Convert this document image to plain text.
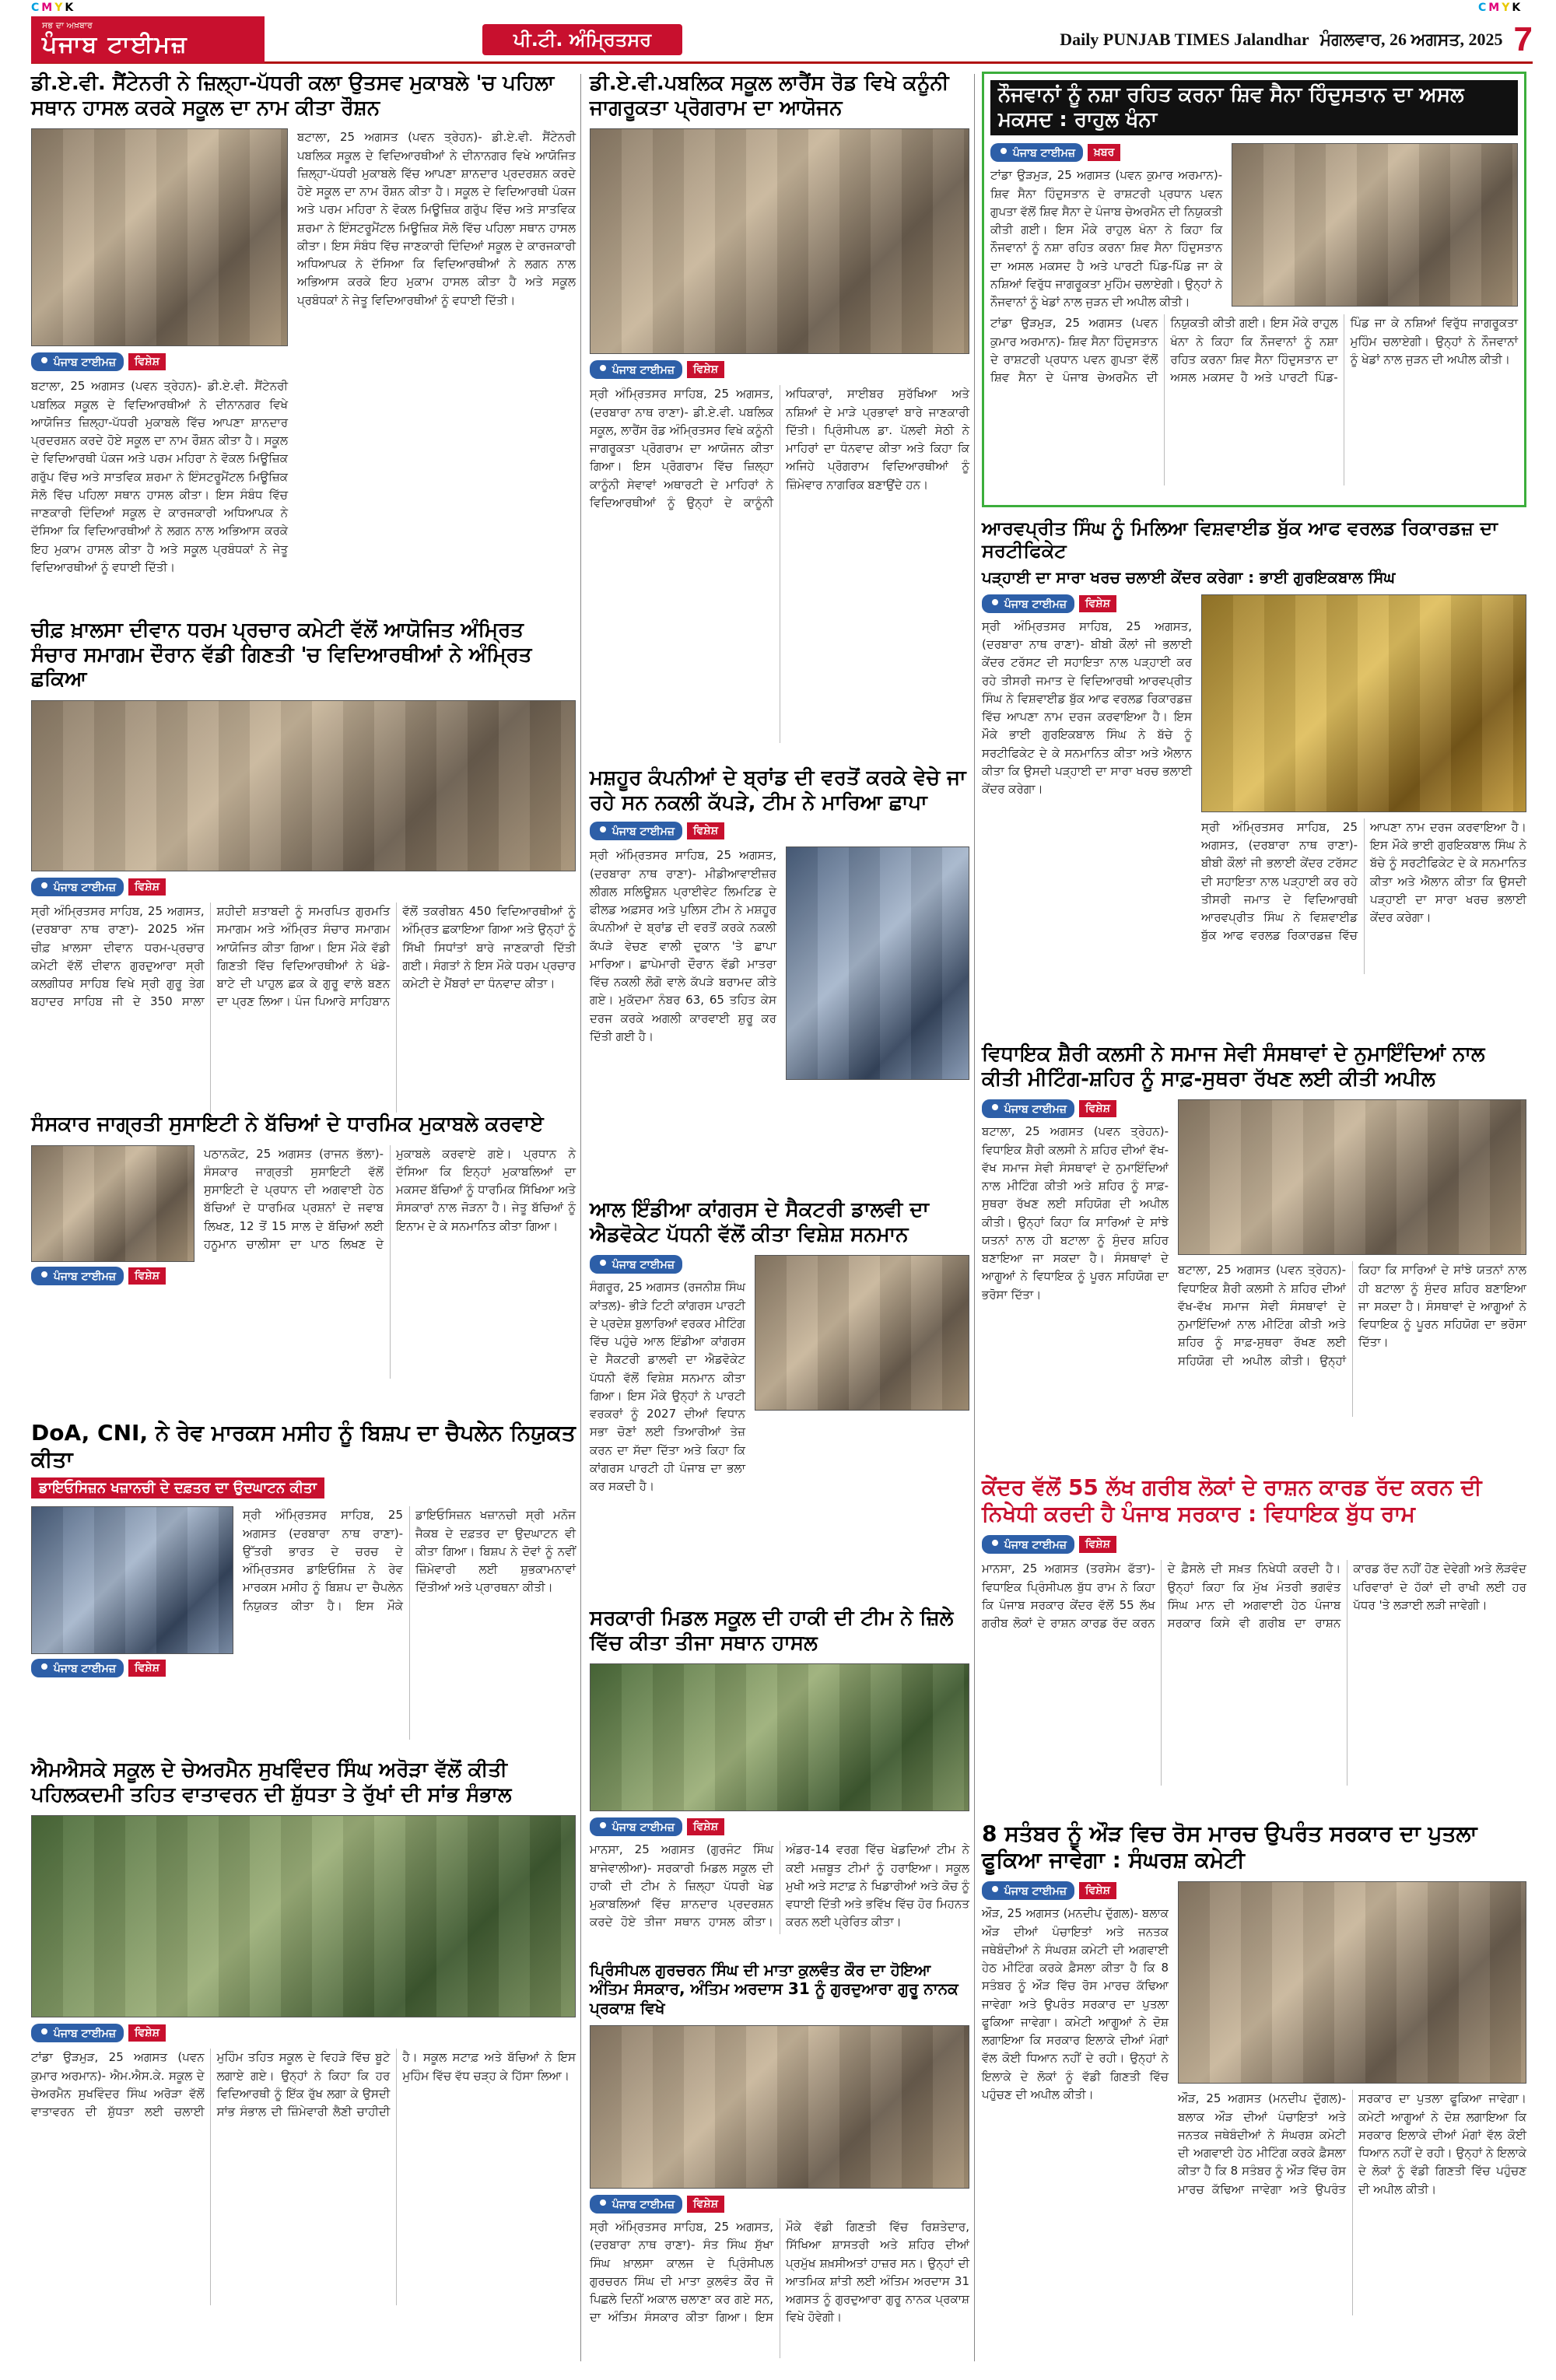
C M Y K	C M Y K
ਸਭ ਦਾ ਅਖ਼ਬਾਰ
ਪੰਜਾਬ ਟਾਈਮਜ਼	ਪੀ.ਟੀ. ਅੰਮ੍ਰਿਤਸਰ	Daily PUNJAB TIMES Jalandhar ਮੰਗਲਵਾਰ, 26 ਅਗਸਤ, 2025 7
ਡੀ.ਏ.ਵੀ. ਸੈਂਟੇਨਰੀ ਨੇ ਜ਼ਿਲ੍ਹਾ-ਪੱਧਰੀ ਕਲਾ ਉਤਸਵ ਮੁਕਾਬਲੇ 'ਚ ਪਹਿਲਾ ਸਥਾਨ ਹਾਸਲ ਕਰਕੇ ਸਕੂਲ ਦਾ ਨਾਮ ਕੀਤਾ ਰੌਸ਼ਨ
ਪੰਜਾਬ ਟਾਈਮਜ਼	ਵਿਸ਼ੇਸ਼
ਬਟਾਲਾ, 25 ਅਗਸਤ (ਪਵਨ ਤ੍ਰੇਹਨ)- ਡੀ.ਏ.ਵੀ. ਸੈਂਟੇਨਰੀ ਪਬਲਿਕ ਸਕੂਲ ਦੇ ਵਿਦਿਆਰਥੀਆਂ ਨੇ ਦੀਨਾਨਗਰ ਵਿਖੇ ਆਯੋਜਿਤ ਜ਼ਿਲ੍ਹਾ-ਪੱਧਰੀ ਮੁਕਾਬਲੇ ਵਿੱਚ ਆਪਣਾ ਸ਼ਾਨਦਾਰ ਪ੍ਰਦਰਸ਼ਨ ਕਰਦੇ ਹੋਏ ਸਕੂਲ ਦਾ ਨਾਮ ਰੌਸ਼ਨ ਕੀਤਾ ਹੈ। ਸਕੂਲ ਦੇ ਵਿਦਿਆਰਥੀ ਪੰਕਜ ਅਤੇ ਪਰਮ ਮਹਿਰਾ ਨੇ ਵੋਕਲ ਮਿਊਜ਼ਿਕ ਗਰੁੱਪ ਵਿੱਚ ਅਤੇ ਸਾਤਵਿਕ ਸ਼ਰਮਾ ਨੇ ਇੰਸਟਰੂਮੈਂਟਲ ਮਿਊਜ਼ਿਕ ਸੋਲੋ ਵਿੱਚ ਪਹਿਲਾ ਸਥਾਨ ਹਾਸਲ ਕੀਤਾ। ਇਸ ਸੰਬੰਧ ਵਿੱਚ ਜਾਣਕਾਰੀ ਦਿੰਦਿਆਂ ਸਕੂਲ ਦੇ ਕਾਰਜਕਾਰੀ ਅਧਿਆਪਕ ਨੇ ਦੱਸਿਆ ਕਿ ਵਿਦਿਆਰਥੀਆਂ ਨੇ ਲਗਨ ਨਾਲ ਅਭਿਆਸ ਕਰਕੇ ਇਹ ਮੁਕਾਮ ਹਾਸਲ ਕੀਤਾ ਹੈ ਅਤੇ ਸਕੂਲ ਪ੍ਰਬੰਧਕਾਂ ਨੇ ਜੇਤੂ ਵਿਦਿਆਰਥੀਆਂ ਨੂੰ ਵਧਾਈ ਦਿੱਤੀ।
ਬਟਾਲਾ, 25 ਅਗਸਤ (ਪਵਨ ਤ੍ਰੇਹਨ)- ਡੀ.ਏ.ਵੀ. ਸੈਂਟੇਨਰੀ ਪਬਲਿਕ ਸਕੂਲ ਦੇ ਵਿਦਿਆਰਥੀਆਂ ਨੇ ਦੀਨਾਨਗਰ ਵਿਖੇ ਆਯੋਜਿਤ ਜ਼ਿਲ੍ਹਾ-ਪੱਧਰੀ ਮੁਕਾਬਲੇ ਵਿੱਚ ਆਪਣਾ ਸ਼ਾਨਦਾਰ ਪ੍ਰਦਰਸ਼ਨ ਕਰਦੇ ਹੋਏ ਸਕੂਲ ਦਾ ਨਾਮ ਰੌਸ਼ਨ ਕੀਤਾ ਹੈ। ਸਕੂਲ ਦੇ ਵਿਦਿਆਰਥੀ ਪੰਕਜ ਅਤੇ ਪਰਮ ਮਹਿਰਾ ਨੇ ਵੋਕਲ ਮਿਊਜ਼ਿਕ ਗਰੁੱਪ ਵਿੱਚ ਅਤੇ ਸਾਤਵਿਕ ਸ਼ਰਮਾ ਨੇ ਇੰਸਟਰੂਮੈਂਟਲ ਮਿਊਜ਼ਿਕ ਸੋਲੋ ਵਿੱਚ ਪਹਿਲਾ ਸਥਾਨ ਹਾਸਲ ਕੀਤਾ। ਇਸ ਸੰਬੰਧ ਵਿੱਚ ਜਾਣਕਾਰੀ ਦਿੰਦਿਆਂ ਸਕੂਲ ਦੇ ਕਾਰਜਕਾਰੀ ਅਧਿਆਪਕ ਨੇ ਦੱਸਿਆ ਕਿ ਵਿਦਿਆਰਥੀਆਂ ਨੇ ਲਗਨ ਨਾਲ ਅਭਿਆਸ ਕਰਕੇ ਇਹ ਮੁਕਾਮ ਹਾਸਲ ਕੀਤਾ ਹੈ ਅਤੇ ਸਕੂਲ ਪ੍ਰਬੰਧਕਾਂ ਨੇ ਜੇਤੂ ਵਿਦਿਆਰਥੀਆਂ ਨੂੰ ਵਧਾਈ ਦਿੱਤੀ।
ਚੀਫ਼ ਖ਼ਾਲਸਾ ਦੀਵਾਨ ਧਰਮ ਪ੍ਰਚਾਰ ਕਮੇਟੀ ਵੱਲੋਂ ਆਯੋਜਿਤ ਅੰਮ੍ਰਿਤ ਸੰਚਾਰ ਸਮਾਗਮ ਦੌਰਾਨ ਵੱਡੀ ਗਿਣਤੀ 'ਚ ਵਿਦਿਆਰਥੀਆਂ ਨੇ ਅੰਮ੍ਰਿਤ ਛਕਿਆ
ਪੰਜਾਬ ਟਾਈਮਜ਼	ਵਿਸ਼ੇਸ਼
ਸ੍ਰੀ ਅੰਮ੍ਰਿਤਸਰ ਸਾਹਿਬ, 25 ਅਗਸਤ, (ਦਰਬਾਰਾ ਨਾਥ ਰਾਣਾ)- 2025 ਅੱਜ ਚੀਫ਼ ਖ਼ਾਲਸਾ ਦੀਵਾਨ ਧਰਮ-ਪ੍ਰਚਾਰ ਕਮੇਟੀ ਵੱਲੋਂ ਦੀਵਾਨ ਗੁਰਦੁਆਰਾ ਸ੍ਰੀ ਕਲਗੀਧਰ ਸਾਹਿਬ ਵਿਖੇ ਸ੍ਰੀ ਗੁਰੂ ਤੇਗ ਬਹਾਦਰ ਸਾਹਿਬ ਜੀ ਦੇ 350 ਸਾਲਾ ਸ਼ਹੀਦੀ ਸ਼ਤਾਬਦੀ ਨੂੰ ਸਮਰਪਿਤ ਗੁਰਮਤਿ ਸਮਾਗਮ ਅਤੇ ਅੰਮ੍ਰਿਤ ਸੰਚਾਰ ਸਮਾਗਮ ਆਯੋਜਿਤ ਕੀਤਾ ਗਿਆ। ਇਸ ਮੌਕੇ ਵੱਡੀ ਗਿਣਤੀ ਵਿੱਚ ਵਿਦਿਆਰਥੀਆਂ ਨੇ ਖੰਡੇ-ਬਾਟੇ ਦੀ ਪਾਹੁਲ ਛਕ ਕੇ ਗੁਰੂ ਵਾਲੇ ਬਣਨ ਦਾ ਪ੍ਰਣ ਲਿਆ। ਪੰਜ ਪਿਆਰੇ ਸਾਹਿਬਾਨ ਵੱਲੋਂ ਤਕਰੀਬਨ 450 ਵਿਦਿਆਰਥੀਆਂ ਨੂੰ ਅੰਮ੍ਰਿਤ ਛਕਾਇਆ ਗਿਆ ਅਤੇ ਉਨ੍ਹਾਂ ਨੂੰ ਸਿੱਖੀ ਸਿਧਾਂਤਾਂ ਬਾਰੇ ਜਾਣਕਾਰੀ ਦਿੱਤੀ ਗਈ। ਸੰਗਤਾਂ ਨੇ ਇਸ ਮੌਕੇ ਧਰਮ ਪ੍ਰਚਾਰ ਕਮੇਟੀ ਦੇ ਮੈਂਬਰਾਂ ਦਾ ਧੰਨਵਾਦ ਕੀਤਾ।
ਸੰਸਕਾਰ ਜਾਗ੍ਰਤੀ ਸੁਸਾਇਟੀ ਨੇ ਬੱਚਿਆਂ ਦੇ ਧਾਰਮਿਕ ਮੁਕਾਬਲੇ ਕਰਵਾਏ
ਪੰਜਾਬ ਟਾਈਮਜ਼	ਵਿਸ਼ੇਸ਼
ਪਠਾਨਕੋਟ, 25 ਅਗਸਤ (ਰਾਜਨ ਭੱਲਾ)- ਸੰਸਕਾਰ ਜਾਗ੍ਰਤੀ ਸੁਸਾਇਟੀ ਵੱਲੋਂ ਸੁਸਾਇਟੀ ਦੇ ਪ੍ਰਧਾਨ ਦੀ ਅਗਵਾਈ ਹੇਠ ਬੱਚਿਆਂ ਦੇ ਧਾਰਮਿਕ ਪ੍ਰਸ਼ਨਾਂ ਦੇ ਜਵਾਬ ਲਿਖਣ, 12 ਤੋਂ 15 ਸਾਲ ਦੇ ਬੱਚਿਆਂ ਲਈ ਹਨੂਮਾਨ ਚਾਲੀਸਾ ਦਾ ਪਾਠ ਲਿਖਣ ਦੇ ਮੁਕਾਬਲੇ ਕਰਵਾਏ ਗਏ। ਪ੍ਰਧਾਨ ਨੇ ਦੱਸਿਆ ਕਿ ਇਨ੍ਹਾਂ ਮੁਕਾਬਲਿਆਂ ਦਾ ਮਕਸਦ ਬੱਚਿਆਂ ਨੂੰ ਧਾਰਮਿਕ ਸਿੱਖਿਆ ਅਤੇ ਸੰਸਕਾਰਾਂ ਨਾਲ ਜੋੜਨਾ ਹੈ। ਜੇਤੂ ਬੱਚਿਆਂ ਨੂੰ ਇਨਾਮ ਦੇ ਕੇ ਸਨਮਾਨਿਤ ਕੀਤਾ ਗਿਆ।
DoA, CNI, ਨੇ ਰੇਵ ਮਾਰਕਸ ਮਸੀਹ ਨੂੰ ਬਿਸ਼ਪ ਦਾ ਚੈਪਲੇਨ ਨਿਯੁਕਤ ਕੀਤਾ
ਡਾਇਓਸਿਜ਼ਨ ਖਜ਼ਾਨਚੀ ਦੇ ਦਫ਼ਤਰ ਦਾ ਉਦਘਾਟਨ ਕੀਤਾ
ਪੰਜਾਬ ਟਾਈਮਜ਼	ਵਿਸ਼ੇਸ਼
ਸ੍ਰੀ ਅੰਮ੍ਰਿਤਸਰ ਸਾਹਿਬ, 25 ਅਗਸਤ (ਦਰਬਾਰਾ ਨਾਥ ਰਾਣਾ)- ਉੱਤਰੀ ਭਾਰਤ ਦੇ ਚਰਚ ਦੇ ਅੰਮ੍ਰਿਤਸਰ ਡਾਇਓਸਿਜ਼ ਨੇ ਰੇਵ ਮਾਰਕਸ ਮਸੀਹ ਨੂੰ ਬਿਸ਼ਪ ਦਾ ਚੈਪਲੇਨ ਨਿਯੁਕਤ ਕੀਤਾ ਹੈ। ਇਸ ਮੌਕੇ ਡਾਇਓਸਿਜ਼ਨ ਖਜ਼ਾਨਚੀ ਸ੍ਰੀ ਮਨੋਜ ਜੈਕਬ ਦੇ ਦਫ਼ਤਰ ਦਾ ਉਦਘਾਟਨ ਵੀ ਕੀਤਾ ਗਿਆ। ਬਿਸ਼ਪ ਨੇ ਦੋਵਾਂ ਨੂੰ ਨਵੀਂ ਜ਼ਿੰਮੇਵਾਰੀ ਲਈ ਸ਼ੁਭਕਾਮਨਾਵਾਂ ਦਿੱਤੀਆਂ ਅਤੇ ਪ੍ਰਾਰਥਨਾ ਕੀਤੀ।
ਐਮਐਸਕੇ ਸਕੂਲ ਦੇ ਚੇਅਰਮੈਨ ਸੁਖਵਿੰਦਰ ਸਿੰਘ ਅਰੋੜਾ ਵੱਲੋਂ ਕੀਤੀ ਪਹਿਲਕਦਮੀ ਤਹਿਤ ਵਾਤਾਵਰਨ ਦੀ ਸ਼ੁੱਧਤਾ ਤੇ ਰੁੱਖਾਂ ਦੀ ਸਾਂਭ ਸੰਭਾਲ
ਪੰਜਾਬ ਟਾਈਮਜ਼	ਵਿਸ਼ੇਸ਼
ਟਾਂਡਾ ਉੜਮੁੜ, 25 ਅਗਸਤ (ਪਵਨ ਕੁਮਾਰ ਅਰਮਾਨ)- ਐਮ.ਐਸ.ਕੇ. ਸਕੂਲ ਦੇ ਚੇਅਰਮੈਨ ਸੁਖਵਿੰਦਰ ਸਿੰਘ ਅਰੋੜਾ ਵੱਲੋਂ ਵਾਤਾਵਰਨ ਦੀ ਸ਼ੁੱਧਤਾ ਲਈ ਚਲਾਈ ਮੁਹਿੰਮ ਤਹਿਤ ਸਕੂਲ ਦੇ ਵਿਹੜੇ ਵਿੱਚ ਬੂਟੇ ਲਗਾਏ ਗਏ। ਉਨ੍ਹਾਂ ਨੇ ਕਿਹਾ ਕਿ ਹਰ ਵਿਦਿਆਰਥੀ ਨੂੰ ਇੱਕ ਰੁੱਖ ਲਗਾ ਕੇ ਉਸਦੀ ਸਾਂਭ ਸੰਭਾਲ ਦੀ ਜ਼ਿੰਮੇਵਾਰੀ ਲੈਣੀ ਚਾਹੀਦੀ ਹੈ। ਸਕੂਲ ਸਟਾਫ਼ ਅਤੇ ਬੱਚਿਆਂ ਨੇ ਇਸ ਮੁਹਿੰਮ ਵਿੱਚ ਵੱਧ ਚੜ੍ਹ ਕੇ ਹਿੱਸਾ ਲਿਆ।
ਡੀ.ਏ.ਵੀ.ਪਬਲਿਕ ਸਕੂਲ ਲਾਰੈਂਸ ਰੋਡ ਵਿਖੇ ਕਨੂੰਨੀ ਜਾਗਰੂਕਤਾ ਪ੍ਰੋਗਰਾਮ ਦਾ ਆਯੋਜਨ
ਪੰਜਾਬ ਟਾਈਮਜ਼	ਵਿਸ਼ੇਸ਼
ਸ੍ਰੀ ਅੰਮ੍ਰਿਤਸਰ ਸਾਹਿਬ, 25 ਅਗਸਤ, (ਦਰਬਾਰਾ ਨਾਥ ਰਾਣਾ)- ਡੀ.ਏ.ਵੀ. ਪਬਲਿਕ ਸਕੂਲ, ਲਾਰੈਂਸ ਰੋਡ ਅੰਮ੍ਰਿਤਸਰ ਵਿਖੇ ਕਨੂੰਨੀ ਜਾਗਰੂਕਤਾ ਪ੍ਰੋਗਰਾਮ ਦਾ ਆਯੋਜਨ ਕੀਤਾ ਗਿਆ। ਇਸ ਪ੍ਰੋਗਰਾਮ ਵਿੱਚ ਜ਼ਿਲ੍ਹਾ ਕਾਨੂੰਨੀ ਸੇਵਾਵਾਂ ਅਥਾਰਟੀ ਦੇ ਮਾਹਿਰਾਂ ਨੇ ਵਿਦਿਆਰਥੀਆਂ ਨੂੰ ਉਨ੍ਹਾਂ ਦੇ ਕਾਨੂੰਨੀ ਅਧਿਕਾਰਾਂ, ਸਾਈਬਰ ਸੁਰੱਖਿਆ ਅਤੇ ਨਸ਼ਿਆਂ ਦੇ ਮਾੜੇ ਪ੍ਰਭਾਵਾਂ ਬਾਰੇ ਜਾਣਕਾਰੀ ਦਿੱਤੀ। ਪ੍ਰਿੰਸੀਪਲ ਡਾ. ਪੱਲਵੀ ਸੇਠੀ ਨੇ ਮਾਹਿਰਾਂ ਦਾ ਧੰਨਵਾਦ ਕੀਤਾ ਅਤੇ ਕਿਹਾ ਕਿ ਅਜਿਹੇ ਪ੍ਰੋਗਰਾਮ ਵਿਦਿਆਰਥੀਆਂ ਨੂੰ ਜ਼ਿੰਮੇਵਾਰ ਨਾਗਰਿਕ ਬਣਾਉਂਦੇ ਹਨ।
ਮਸ਼ਹੂਰ ਕੰਪਨੀਆਂ ਦੇ ਬ੍ਰਾਂਡ ਦੀ ਵਰਤੋਂ ਕਰਕੇ ਵੇਚੇ ਜਾ ਰਹੇ ਸਨ ਨਕਲੀ ਕੱਪੜੇ, ਟੀਮ ਨੇ ਮਾਰਿਆ ਛਾਪਾ
ਪੰਜਾਬ ਟਾਈਮਜ਼	ਵਿਸ਼ੇਸ਼
ਸ੍ਰੀ ਅੰਮ੍ਰਿਤਸਰ ਸਾਹਿਬ, 25 ਅਗਸਤ, (ਦਰਬਾਰਾ ਨਾਥ ਰਾਣਾ)- ਮੀਡੀਆਵਾਈਜ਼ਰ ਲੀਗਲ ਸਲਿਊਸ਼ਨ ਪ੍ਰਾਈਵੇਟ ਲਿਮਟਿਡ ਦੇ ਫੀਲਡ ਅਫ਼ਸਰ ਅਤੇ ਪੁਲਿਸ ਟੀਮ ਨੇ ਮਸ਼ਹੂਰ ਕੰਪਨੀਆਂ ਦੇ ਬ੍ਰਾਂਡ ਦੀ ਵਰਤੋਂ ਕਰਕੇ ਨਕਲੀ ਕੱਪੜੇ ਵੇਚਣ ਵਾਲੀ ਦੁਕਾਨ 'ਤੇ ਛਾਪਾ ਮਾਰਿਆ। ਛਾਪੇਮਾਰੀ ਦੌਰਾਨ ਵੱਡੀ ਮਾਤਰਾ ਵਿੱਚ ਨਕਲੀ ਲੋਗੋ ਵਾਲੇ ਕੱਪੜੇ ਬਰਾਮਦ ਕੀਤੇ ਗਏ। ਮੁਕੱਦਮਾ ਨੰਬਰ 63, 65 ਤਹਿਤ ਕੇਸ ਦਰਜ ਕਰਕੇ ਅਗਲੀ ਕਾਰਵਾਈ ਸ਼ੁਰੂ ਕਰ ਦਿੱਤੀ ਗਈ ਹੈ।
ਆਲ ਇੰਡੀਆ ਕਾਂਗਰਸ ਦੇ ਸੈਕਟਰੀ ਡਾਲਵੀ ਦਾ ਐਡਵੋਕੇਟ ਪੱਧਨੀ ਵੱਲੋਂ ਕੀਤਾ ਵਿਸ਼ੇਸ਼ ਸਨਮਾਨ
ਪੰਜਾਬ ਟਾਈਮਜ਼
ਸੰਗਰੂਰ, 25 ਅਗਸਤ (ਰਜਨੀਸ਼ ਸਿੰਘ ਕਾਂਤਲ)- ਭੀੜੇ ਟਿਟੀ ਕਾਂਗਰਸ ਪਾਰਟੀ ਦੇ ਪ੍ਰਦੇਸ਼ ਬੁਲਾਰਿਆਂ ਵਰਕਰ ਮੀਟਿੰਗ ਵਿੱਚ ਪਹੁੰਚੇ ਆਲ ਇੰਡੀਆ ਕਾਂਗਰਸ ਦੇ ਸੈਕਟਰੀ ਡਾਲਵੀ ਦਾ ਐਡਵੋਕੇਟ ਪੱਧਨੀ ਵੱਲੋਂ ਵਿਸ਼ੇਸ਼ ਸਨਮਾਨ ਕੀਤਾ ਗਿਆ। ਇਸ ਮੌਕੇ ਉਨ੍ਹਾਂ ਨੇ ਪਾਰਟੀ ਵਰਕਰਾਂ ਨੂੰ 2027 ਦੀਆਂ ਵਿਧਾਨ ਸਭਾ ਚੋਣਾਂ ਲਈ ਤਿਆਰੀਆਂ ਤੇਜ਼ ਕਰਨ ਦਾ ਸੱਦਾ ਦਿੱਤਾ ਅਤੇ ਕਿਹਾ ਕਿ ਕਾਂਗਰਸ ਪਾਰਟੀ ਹੀ ਪੰਜਾਬ ਦਾ ਭਲਾ ਕਰ ਸਕਦੀ ਹੈ।
ਸਰਕਾਰੀ ਮਿਡਲ ਸਕੂਲ ਦੀ ਹਾਕੀ ਦੀ ਟੀਮ ਨੇ ਜ਼ਿਲੇ ਵਿੱਚ ਕੀਤਾ ਤੀਜਾ ਸਥਾਨ ਹਾਸਲ
ਪੰਜਾਬ ਟਾਈਮਜ਼	ਵਿਸ਼ੇਸ਼
ਮਾਨਸਾ, 25 ਅਗਸਤ (ਗੁਰਜੰਟ ਸਿੰਘ ਬਾਜੇਵਾਲੀਆ)- ਸਰਕਾਰੀ ਮਿਡਲ ਸਕੂਲ ਦੀ ਹਾਕੀ ਦੀ ਟੀਮ ਨੇ ਜ਼ਿਲ੍ਹਾ ਪੱਧਰੀ ਖੇਡ ਮੁਕਾਬਲਿਆਂ ਵਿੱਚ ਸ਼ਾਨਦਾਰ ਪ੍ਰਦਰਸ਼ਨ ਕਰਦੇ ਹੋਏ ਤੀਜਾ ਸਥਾਨ ਹਾਸਲ ਕੀਤਾ। ਅੰਡਰ-14 ਵਰਗ ਵਿੱਚ ਖੇਡਦਿਆਂ ਟੀਮ ਨੇ ਕਈ ਮਜ਼ਬੂਤ ਟੀਮਾਂ ਨੂੰ ਹਰਾਇਆ। ਸਕੂਲ ਮੁਖੀ ਅਤੇ ਸਟਾਫ਼ ਨੇ ਖਿਡਾਰੀਆਂ ਅਤੇ ਕੋਚ ਨੂੰ ਵਧਾਈ ਦਿੱਤੀ ਅਤੇ ਭਵਿੱਖ ਵਿੱਚ ਹੋਰ ਮਿਹਨਤ ਕਰਨ ਲਈ ਪ੍ਰੇਰਿਤ ਕੀਤਾ।
ਪ੍ਰਿੰਸੀਪਲ ਗੁਰਚਰਨ ਸਿੰਘ ਦੀ ਮਾਤਾ ਕੁਲਵੰਤ ਕੌਰ ਦਾ ਹੋਇਆ ਅੰਤਿਮ ਸੰਸਕਾਰ, ਅੰਤਿਮ ਅਰਦਾਸ 31 ਨੂੰ ਗੁਰਦੁਆਰਾ ਗੁਰੂ ਨਾਨਕ ਪ੍ਰਕਾਸ਼ ਵਿਖੇ
ਪੰਜਾਬ ਟਾਈਮਜ਼	ਵਿਸ਼ੇਸ਼
ਸ੍ਰੀ ਅੰਮ੍ਰਿਤਸਰ ਸਾਹਿਬ, 25 ਅਗਸਤ, (ਦਰਬਾਰਾ ਨਾਥ ਰਾਣਾ)- ਸੰਤ ਸਿੰਘ ਸੁੱਖਾ ਸਿੰਘ ਖ਼ਾਲਸਾ ਕਾਲਜ ਦੇ ਪ੍ਰਿੰਸੀਪਲ ਗੁਰਚਰਨ ਸਿੰਘ ਦੀ ਮਾਤਾ ਕੁਲਵੰਤ ਕੌਰ ਜੋ ਪਿਛਲੇ ਦਿਨੀਂ ਅਕਾਲ ਚਲਾਣਾ ਕਰ ਗਏ ਸਨ, ਦਾ ਅੰਤਿਮ ਸੰਸਕਾਰ ਕੀਤਾ ਗਿਆ। ਇਸ ਮੌਕੇ ਵੱਡੀ ਗਿਣਤੀ ਵਿੱਚ ਰਿਸ਼ਤੇਦਾਰ, ਸਿੱਖਿਆ ਸ਼ਾਸਤਰੀ ਅਤੇ ਸ਼ਹਿਰ ਦੀਆਂ ਪ੍ਰਮੁੱਖ ਸ਼ਖ਼ਸੀਅਤਾਂ ਹਾਜ਼ਰ ਸਨ। ਉਨ੍ਹਾਂ ਦੀ ਆਤਮਿਕ ਸ਼ਾਂਤੀ ਲਈ ਅੰਤਿਮ ਅਰਦਾਸ 31 ਅਗਸਤ ਨੂੰ ਗੁਰਦੁਆਰਾ ਗੁਰੂ ਨਾਨਕ ਪ੍ਰਕਾਸ਼ ਵਿਖੇ ਹੋਵੇਗੀ।
ਨੌਜਵਾਨਾਂ ਨੂੰ ਨਸ਼ਾ ਰਹਿਤ ਕਰਨਾ ਸ਼ਿਵ ਸੈਨਾ ਹਿੰਦੁਸਤਾਨ ਦਾ ਅਸਲ ਮਕਸਦ : ਰਾਹੁਲ ਖੰਨਾ
ਪੰਜਾਬ ਟਾਈਮਜ਼	ਖ਼ਬਰ
ਟਾਂਡਾ ਉੜਮੁੜ, 25 ਅਗਸਤ (ਪਵਨ ਕੁਮਾਰ ਅਰਮਾਨ)- ਸ਼ਿਵ ਸੈਨਾ ਹਿੰਦੁਸਤਾਨ ਦੇ ਰਾਸ਼ਟਰੀ ਪ੍ਰਧਾਨ ਪਵਨ ਗੁਪਤਾ ਵੱਲੋਂ ਸ਼ਿਵ ਸੈਨਾ ਦੇ ਪੰਜਾਬ ਚੇਅਰਮੈਨ ਦੀ ਨਿਯੁਕਤੀ ਕੀਤੀ ਗਈ। ਇਸ ਮੌਕੇ ਰਾਹੁਲ ਖੰਨਾ ਨੇ ਕਿਹਾ ਕਿ ਨੌਜਵਾਨਾਂ ਨੂੰ ਨਸ਼ਾ ਰਹਿਤ ਕਰਨਾ ਸ਼ਿਵ ਸੈਨਾ ਹਿੰਦੁਸਤਾਨ ਦਾ ਅਸਲ ਮਕਸਦ ਹੈ ਅਤੇ ਪਾਰਟੀ ਪਿੰਡ-ਪਿੰਡ ਜਾ ਕੇ ਨਸ਼ਿਆਂ ਵਿਰੁੱਧ ਜਾਗਰੂਕਤਾ ਮੁਹਿੰਮ ਚਲਾਏਗੀ। ਉਨ੍ਹਾਂ ਨੇ ਨੌਜਵਾਨਾਂ ਨੂੰ ਖੇਡਾਂ ਨਾਲ ਜੁੜਨ ਦੀ ਅਪੀਲ ਕੀਤੀ।
ਟਾਂਡਾ ਉੜਮੁੜ, 25 ਅਗਸਤ (ਪਵਨ ਕੁਮਾਰ ਅਰਮਾਨ)- ਸ਼ਿਵ ਸੈਨਾ ਹਿੰਦੁਸਤਾਨ ਦੇ ਰਾਸ਼ਟਰੀ ਪ੍ਰਧਾਨ ਪਵਨ ਗੁਪਤਾ ਵੱਲੋਂ ਸ਼ਿਵ ਸੈਨਾ ਦੇ ਪੰਜਾਬ ਚੇਅਰਮੈਨ ਦੀ ਨਿਯੁਕਤੀ ਕੀਤੀ ਗਈ। ਇਸ ਮੌਕੇ ਰਾਹੁਲ ਖੰਨਾ ਨੇ ਕਿਹਾ ਕਿ ਨੌਜਵਾਨਾਂ ਨੂੰ ਨਸ਼ਾ ਰਹਿਤ ਕਰਨਾ ਸ਼ਿਵ ਸੈਨਾ ਹਿੰਦੁਸਤਾਨ ਦਾ ਅਸਲ ਮਕਸਦ ਹੈ ਅਤੇ ਪਾਰਟੀ ਪਿੰਡ-ਪਿੰਡ ਜਾ ਕੇ ਨਸ਼ਿਆਂ ਵਿਰੁੱਧ ਜਾਗਰੂਕਤਾ ਮੁਹਿੰਮ ਚਲਾਏਗੀ। ਉਨ੍ਹਾਂ ਨੇ ਨੌਜਵਾਨਾਂ ਨੂੰ ਖੇਡਾਂ ਨਾਲ ਜੁੜਨ ਦੀ ਅਪੀਲ ਕੀਤੀ।
ਆਰਵਪ੍ਰੀਤ ਸਿੰਘ ਨੂੰ ਮਿਲਿਆ ਵਿਸ਼ਵਾਈਡ ਬੁੱਕ ਆਫ ਵਰਲਡ ਰਿਕਾਰਡਜ਼ ਦਾ ਸਰਟੀਫਿਕੇਟ
ਪੜ੍ਹਾਈ ਦਾ ਸਾਰਾ ਖਰਚ ਚਲਾਈ ਕੇਂਦਰ ਕਰੇਗਾ : ਭਾਈ ਗੁਰਇਕਬਾਲ ਸਿੰਘ
ਪੰਜਾਬ ਟਾਈਮਜ਼	ਵਿਸ਼ੇਸ਼
ਸ੍ਰੀ ਅੰਮ੍ਰਿਤਸਰ ਸਾਹਿਬ, 25 ਅਗਸਤ, (ਦਰਬਾਰਾ ਨਾਥ ਰਾਣਾ)- ਬੀਬੀ ਕੌਲਾਂ ਜੀ ਭਲਾਈ ਕੇਂਦਰ ਟਰੱਸਟ ਦੀ ਸਹਾਇਤਾ ਨਾਲ ਪੜ੍ਹਾਈ ਕਰ ਰਹੇ ਤੀਸਰੀ ਜਮਾਤ ਦੇ ਵਿਦਿਆਰਥੀ ਆਰਵਪ੍ਰੀਤ ਸਿੰਘ ਨੇ ਵਿਸ਼ਵਾਈਡ ਬੁੱਕ ਆਫ ਵਰਲਡ ਰਿਕਾਰਡਜ਼ ਵਿੱਚ ਆਪਣਾ ਨਾਮ ਦਰਜ ਕਰਵਾਇਆ ਹੈ। ਇਸ ਮੌਕੇ ਭਾਈ ਗੁਰਇਕਬਾਲ ਸਿੰਘ ਨੇ ਬੱਚੇ ਨੂੰ ਸਰਟੀਫਿਕੇਟ ਦੇ ਕੇ ਸਨਮਾਨਿਤ ਕੀਤਾ ਅਤੇ ਐਲਾਨ ਕੀਤਾ ਕਿ ਉਸਦੀ ਪੜ੍ਹਾਈ ਦਾ ਸਾਰਾ ਖਰਚ ਭਲਾਈ ਕੇਂਦਰ ਕਰੇਗਾ।
ਸ੍ਰੀ ਅੰਮ੍ਰਿਤਸਰ ਸਾਹਿਬ, 25 ਅਗਸਤ, (ਦਰਬਾਰਾ ਨਾਥ ਰਾਣਾ)- ਬੀਬੀ ਕੌਲਾਂ ਜੀ ਭਲਾਈ ਕੇਂਦਰ ਟਰੱਸਟ ਦੀ ਸਹਾਇਤਾ ਨਾਲ ਪੜ੍ਹਾਈ ਕਰ ਰਹੇ ਤੀਸਰੀ ਜਮਾਤ ਦੇ ਵਿਦਿਆਰਥੀ ਆਰਵਪ੍ਰੀਤ ਸਿੰਘ ਨੇ ਵਿਸ਼ਵਾਈਡ ਬੁੱਕ ਆਫ ਵਰਲਡ ਰਿਕਾਰਡਜ਼ ਵਿੱਚ ਆਪਣਾ ਨਾਮ ਦਰਜ ਕਰਵਾਇਆ ਹੈ। ਇਸ ਮੌਕੇ ਭਾਈ ਗੁਰਇਕਬਾਲ ਸਿੰਘ ਨੇ ਬੱਚੇ ਨੂੰ ਸਰਟੀਫਿਕੇਟ ਦੇ ਕੇ ਸਨਮਾਨਿਤ ਕੀਤਾ ਅਤੇ ਐਲਾਨ ਕੀਤਾ ਕਿ ਉਸਦੀ ਪੜ੍ਹਾਈ ਦਾ ਸਾਰਾ ਖਰਚ ਭਲਾਈ ਕੇਂਦਰ ਕਰੇਗਾ।
ਵਿਧਾਇਕ ਸ਼ੈਰੀ ਕਲਸੀ ਨੇ ਸਮਾਜ ਸੇਵੀ ਸੰਸਥਾਵਾਂ ਦੇ ਨੁਮਾਇੰਦਿਆਂ ਨਾਲ ਕੀਤੀ ਮੀਟਿੰਗ-ਸ਼ਹਿਰ ਨੂੰ ਸਾਫ਼-ਸੁਥਰਾ ਰੱਖਣ ਲਈ ਕੀਤੀ ਅਪੀਲ
ਪੰਜਾਬ ਟਾਈਮਜ਼	ਵਿਸ਼ੇਸ਼
ਬਟਾਲਾ, 25 ਅਗਸਤ (ਪਵਨ ਤ੍ਰੇਹਨ)- ਵਿਧਾਇਕ ਸ਼ੈਰੀ ਕਲਸੀ ਨੇ ਸ਼ਹਿਰ ਦੀਆਂ ਵੱਖ-ਵੱਖ ਸਮਾਜ ਸੇਵੀ ਸੰਸਥਾਵਾਂ ਦੇ ਨੁਮਾਇੰਦਿਆਂ ਨਾਲ ਮੀਟਿੰਗ ਕੀਤੀ ਅਤੇ ਸ਼ਹਿਰ ਨੂੰ ਸਾਫ਼-ਸੁਥਰਾ ਰੱਖਣ ਲਈ ਸਹਿਯੋਗ ਦੀ ਅਪੀਲ ਕੀਤੀ। ਉਨ੍ਹਾਂ ਕਿਹਾ ਕਿ ਸਾਰਿਆਂ ਦੇ ਸਾਂਝੇ ਯਤਨਾਂ ਨਾਲ ਹੀ ਬਟਾਲਾ ਨੂੰ ਸੁੰਦਰ ਸ਼ਹਿਰ ਬਣਾਇਆ ਜਾ ਸਕਦਾ ਹੈ। ਸੰਸਥਾਵਾਂ ਦੇ ਆਗੂਆਂ ਨੇ ਵਿਧਾਇਕ ਨੂੰ ਪੂਰਨ ਸਹਿਯੋਗ ਦਾ ਭਰੋਸਾ ਦਿੱਤਾ।
ਬਟਾਲਾ, 25 ਅਗਸਤ (ਪਵਨ ਤ੍ਰੇਹਨ)- ਵਿਧਾਇਕ ਸ਼ੈਰੀ ਕਲਸੀ ਨੇ ਸ਼ਹਿਰ ਦੀਆਂ ਵੱਖ-ਵੱਖ ਸਮਾਜ ਸੇਵੀ ਸੰਸਥਾਵਾਂ ਦੇ ਨੁਮਾਇੰਦਿਆਂ ਨਾਲ ਮੀਟਿੰਗ ਕੀਤੀ ਅਤੇ ਸ਼ਹਿਰ ਨੂੰ ਸਾਫ਼-ਸੁਥਰਾ ਰੱਖਣ ਲਈ ਸਹਿਯੋਗ ਦੀ ਅਪੀਲ ਕੀਤੀ। ਉਨ੍ਹਾਂ ਕਿਹਾ ਕਿ ਸਾਰਿਆਂ ਦੇ ਸਾਂਝੇ ਯਤਨਾਂ ਨਾਲ ਹੀ ਬਟਾਲਾ ਨੂੰ ਸੁੰਦਰ ਸ਼ਹਿਰ ਬਣਾਇਆ ਜਾ ਸਕਦਾ ਹੈ। ਸੰਸਥਾਵਾਂ ਦੇ ਆਗੂਆਂ ਨੇ ਵਿਧਾਇਕ ਨੂੰ ਪੂਰਨ ਸਹਿਯੋਗ ਦਾ ਭਰੋਸਾ ਦਿੱਤਾ।
ਕੇਂਦਰ ਵੱਲੋਂ 55 ਲੱਖ ਗਰੀਬ ਲੋਕਾਂ ਦੇ ਰਾਸ਼ਨ ਕਾਰਡ ਰੱਦ ਕਰਨ ਦੀ ਨਿਖੇਧੀ ਕਰਦੀ ਹੈ ਪੰਜਾਬ ਸਰਕਾਰ : ਵਿਧਾਇਕ ਬੁੱਧ ਰਾਮ
ਪੰਜਾਬ ਟਾਈਮਜ਼	ਵਿਸ਼ੇਸ਼
ਮਾਨਸਾ, 25 ਅਗਸਤ (ਤਰਸੇਮ ਫੱਤਾ)- ਵਿਧਾਇਕ ਪ੍ਰਿੰਸੀਪਲ ਬੁੱਧ ਰਾਮ ਨੇ ਕਿਹਾ ਕਿ ਪੰਜਾਬ ਸਰਕਾਰ ਕੇਂਦਰ ਵੱਲੋਂ 55 ਲੱਖ ਗਰੀਬ ਲੋਕਾਂ ਦੇ ਰਾਸ਼ਨ ਕਾਰਡ ਰੱਦ ਕਰਨ ਦੇ ਫ਼ੈਸਲੇ ਦੀ ਸਖ਼ਤ ਨਿਖੇਧੀ ਕਰਦੀ ਹੈ। ਉਨ੍ਹਾਂ ਕਿਹਾ ਕਿ ਮੁੱਖ ਮੰਤਰੀ ਭਗਵੰਤ ਸਿੰਘ ਮਾਨ ਦੀ ਅਗਵਾਈ ਹੇਠ ਪੰਜਾਬ ਸਰਕਾਰ ਕਿਸੇ ਵੀ ਗਰੀਬ ਦਾ ਰਾਸ਼ਨ ਕਾਰਡ ਰੱਦ ਨਹੀਂ ਹੋਣ ਦੇਵੇਗੀ ਅਤੇ ਲੋੜਵੰਦ ਪਰਿਵਾਰਾਂ ਦੇ ਹੱਕਾਂ ਦੀ ਰਾਖੀ ਲਈ ਹਰ ਪੱਧਰ 'ਤੇ ਲੜਾਈ ਲੜੀ ਜਾਵੇਗੀ।
8 ਸਤੰਬਰ ਨੂੰ ਔੜ ਵਿਚ ਰੋਸ ਮਾਰਚ ਉਪਰੰਤ ਸਰਕਾਰ ਦਾ ਪੁਤਲਾ ਫੂਕਿਆ ਜਾਵੇਗਾ : ਸੰਘਰਸ਼ ਕਮੇਟੀ
ਪੰਜਾਬ ਟਾਈਮਜ਼	ਵਿਸ਼ੇਸ਼
ਔੜ, 25 ਅਗਸਤ (ਮਨਦੀਪ ਦੁੱਗਲ)- ਬਲਾਕ ਔੜ ਦੀਆਂ ਪੰਚਾਇਤਾਂ ਅਤੇ ਜਨਤਕ ਜਥੇਬੰਦੀਆਂ ਨੇ ਸੰਘਰਸ਼ ਕਮੇਟੀ ਦੀ ਅਗਵਾਈ ਹੇਠ ਮੀਟਿੰਗ ਕਰਕੇ ਫ਼ੈਸਲਾ ਕੀਤਾ ਹੈ ਕਿ 8 ਸਤੰਬਰ ਨੂੰ ਔੜ ਵਿੱਚ ਰੋਸ ਮਾਰਚ ਕੱਢਿਆ ਜਾਵੇਗਾ ਅਤੇ ਉਪਰੰਤ ਸਰਕਾਰ ਦਾ ਪੁਤਲਾ ਫੂਕਿਆ ਜਾਵੇਗਾ। ਕਮੇਟੀ ਆਗੂਆਂ ਨੇ ਦੋਸ਼ ਲਗਾਇਆ ਕਿ ਸਰਕਾਰ ਇਲਾਕੇ ਦੀਆਂ ਮੰਗਾਂ ਵੱਲ ਕੋਈ ਧਿਆਨ ਨਹੀਂ ਦੇ ਰਹੀ। ਉਨ੍ਹਾਂ ਨੇ ਇਲਾਕੇ ਦੇ ਲੋਕਾਂ ਨੂੰ ਵੱਡੀ ਗਿਣਤੀ ਵਿੱਚ ਪਹੁੰਚਣ ਦੀ ਅਪੀਲ ਕੀਤੀ।	ਔੜ, 25 ਅਗਸਤ (ਮਨਦੀਪ ਦੁੱਗਲ)- ਬਲਾਕ ਔੜ ਦੀਆਂ ਪੰਚਾਇਤਾਂ ਅਤੇ ਜਨਤਕ ਜਥੇਬੰਦੀਆਂ ਨੇ ਸੰਘਰਸ਼ ਕਮੇਟੀ ਦੀ ਅਗਵਾਈ ਹੇਠ ਮੀਟਿੰਗ ਕਰਕੇ ਫ਼ੈਸਲਾ ਕੀਤਾ ਹੈ ਕਿ 8 ਸਤੰਬਰ ਨੂੰ ਔੜ ਵਿੱਚ ਰੋਸ ਮਾਰਚ ਕੱਢਿਆ ਜਾਵੇਗਾ ਅਤੇ ਉਪਰੰਤ ਸਰਕਾਰ ਦਾ ਪੁਤਲਾ ਫੂਕਿਆ ਜਾਵੇਗਾ। ਕਮੇਟੀ ਆਗੂਆਂ ਨੇ ਦੋਸ਼ ਲਗਾਇਆ ਕਿ ਸਰਕਾਰ ਇਲਾਕੇ ਦੀਆਂ ਮੰਗਾਂ ਵੱਲ ਕੋਈ ਧਿਆਨ ਨਹੀਂ ਦੇ ਰਹੀ। ਉਨ੍ਹਾਂ ਨੇ ਇਲਾਕੇ ਦੇ ਲੋਕਾਂ ਨੂੰ ਵੱਡੀ ਗਿਣਤੀ ਵਿੱਚ ਪਹੁੰਚਣ ਦੀ ਅਪੀਲ ਕੀਤੀ।
